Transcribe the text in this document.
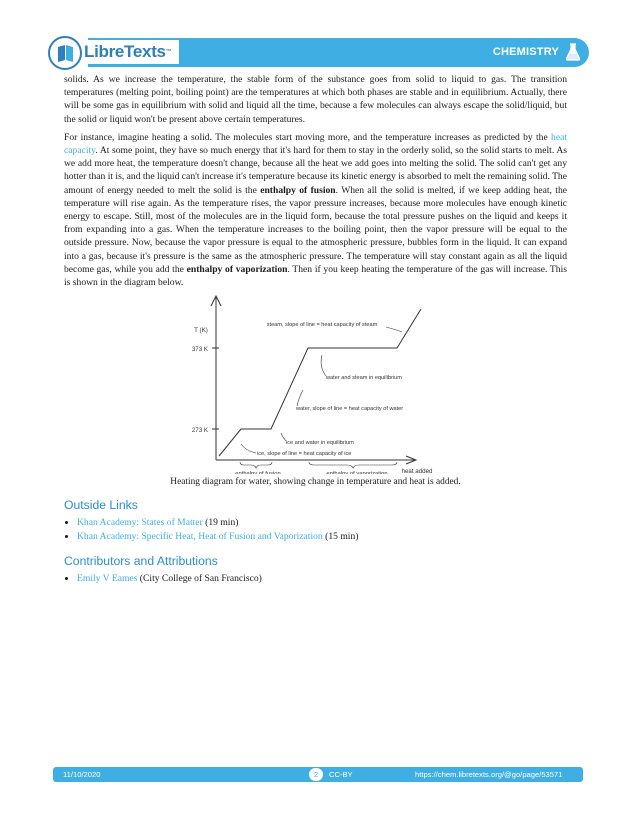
CHEMISTRY
LibreTexts™

solids. As we increase the temperature, the stable form of the substance goes from solid to liquid to gas. The transition temperatures (melting point, boiling point) are the temperatures at which both phases are stable and in equilibrium. Actually, there will be some gas in equilibrium with solid and liquid all the time, because a few molecules can always escape the solid/liquid, but the solid or liquid won't be present above certain temperatures.

For instance, imagine heating a solid. The molecules start moving more, and the temperature increases as predicted by the heat capacity. At some point, they have so much energy that it's hard for them to stay in the orderly solid, so the solid starts to melt. As we add more heat, the temperature doesn't change, because all the heat we add goes into melting the solid. The solid can't get any hotter than it is, and the liquid can't increase it's temperature because its kinetic energy is absorbed to melt the remaining solid. The amount of energy needed to melt the solid is the enthalpy of fusion. When all the solid is melted, if we keep adding heat, the temperature will rise again. As the temperature rises, the vapor pressure increases, because more molecules have enough kinetic energy to escape. Still, most of the molecules are in the liquid form, because the total pressure pushes on the liquid and keeps it from expanding into a gas. When the temperature increases to the boiling point, then the vapor pressure will be equal to the outside pressure. Now, because the vapor pressure is equal to the atmospheric pressure, bubbles form in the liquid. It can expand into a gas, because it's pressure is the same as the atmospheric pressure. The temperature will stay constant again as all the liquid become gas, while you add the enthalpy of vaporization. Then if you keep heating the temperature of the gas will increase. This is shown in the diagram below.

T (K)
373 K
273 K
steam, slope of line = heat capacity of steam
water and steam in equilibrium
water, slope of line = heat capacity of water
ice and water in equilibrium
ice, slope of line = heat capacity of ice
enthalpy of fusion	enthalpy of vaporization heat added
Heating diagram for water, showing change in temperature and heat is added.
Outside Links
• Khan Academy: States of Matter (19 min)
• Khan Academy: Specific Heat, Heat of Fusion and Vaporization (15 min)
Contributors and Attributions
• Emily V Eames (City College of San Francisco)
11/10/2020	2	CC-BY	https://chem.libretexts.org/@go/page/53571
